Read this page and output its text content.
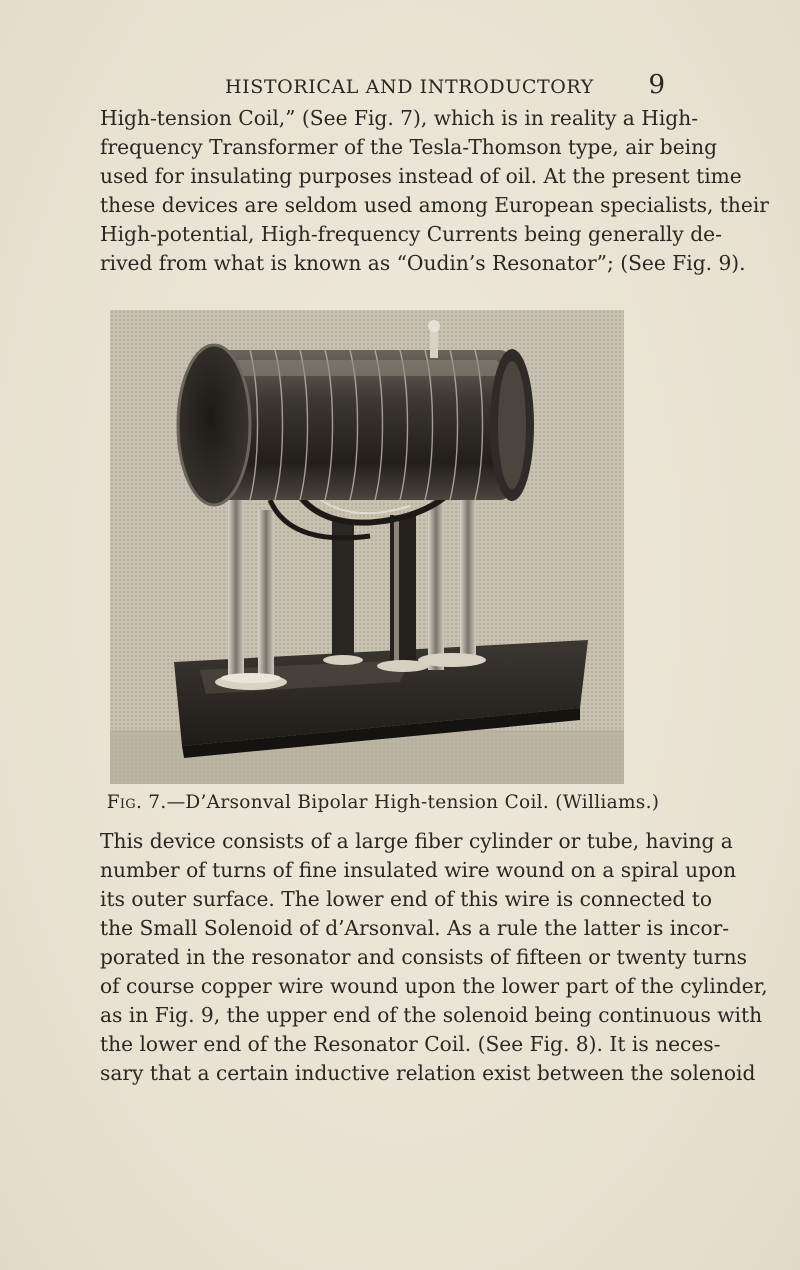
HISTORICAL AND INTRODUCTORY 9

High-tension Coil,” (See Fig. 7), which is in reality a High-
frequency Transformer of the Tesla-Thomson type, air being
used for insulating purposes instead of oil. At the present time
these devices are seldom used among European specialists, their
High-potential, High-frequency Currents being generally de-
rived from what is known as “Oudin’s Resonator”; (See Fig. 9).

Fig. 7.—D’Arsonval Bipolar High-tension Coil. (Williams.)

This device consists of a large fiber cylinder or tube, having a
number of turns of fine insulated wire wound on a spiral upon
its outer surface. The lower end of this wire is connected to
the Small Solenoid of d’Arsonval. As a rule the latter is incor-
porated in the resonator and consists of fifteen or twenty turns
of course copper wire wound upon the lower part of the cylinder,
as in Fig. 9, the upper end of the solenoid being continuous with
the lower end of the Resonator Coil. (See Fig. 8). It is neces-
sary that a certain inductive relation exist between the solenoid
